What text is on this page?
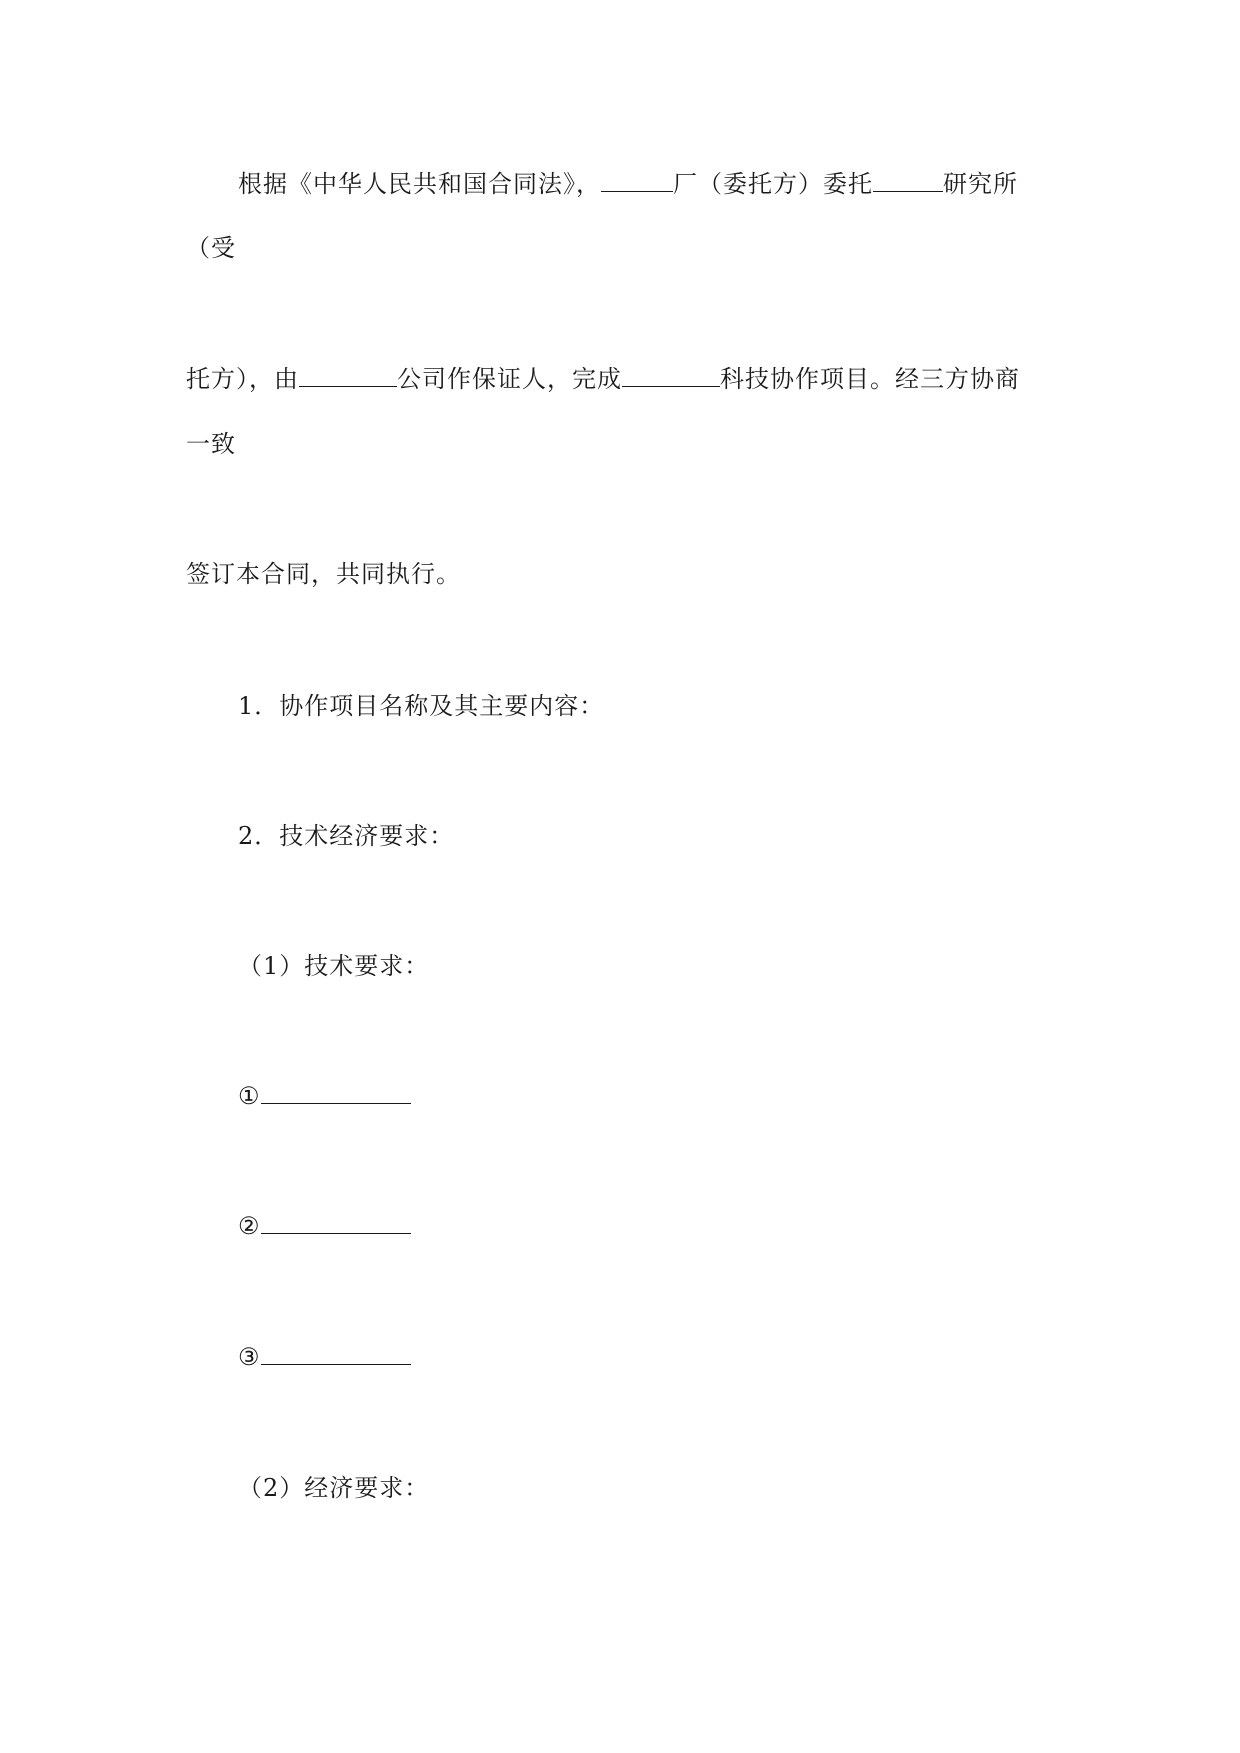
根据《中华人民共和国合同法》，	厂（委托方）委托	研究所
（受
托方），由	公司作保证人，完成	科技协作项目。经三方协商
一致
签订本合同，共同执行。
1．协作项目名称及其主要内容：
2．技术经济要求：
（1）技术要求：
①
②
③
（2）经济要求：
